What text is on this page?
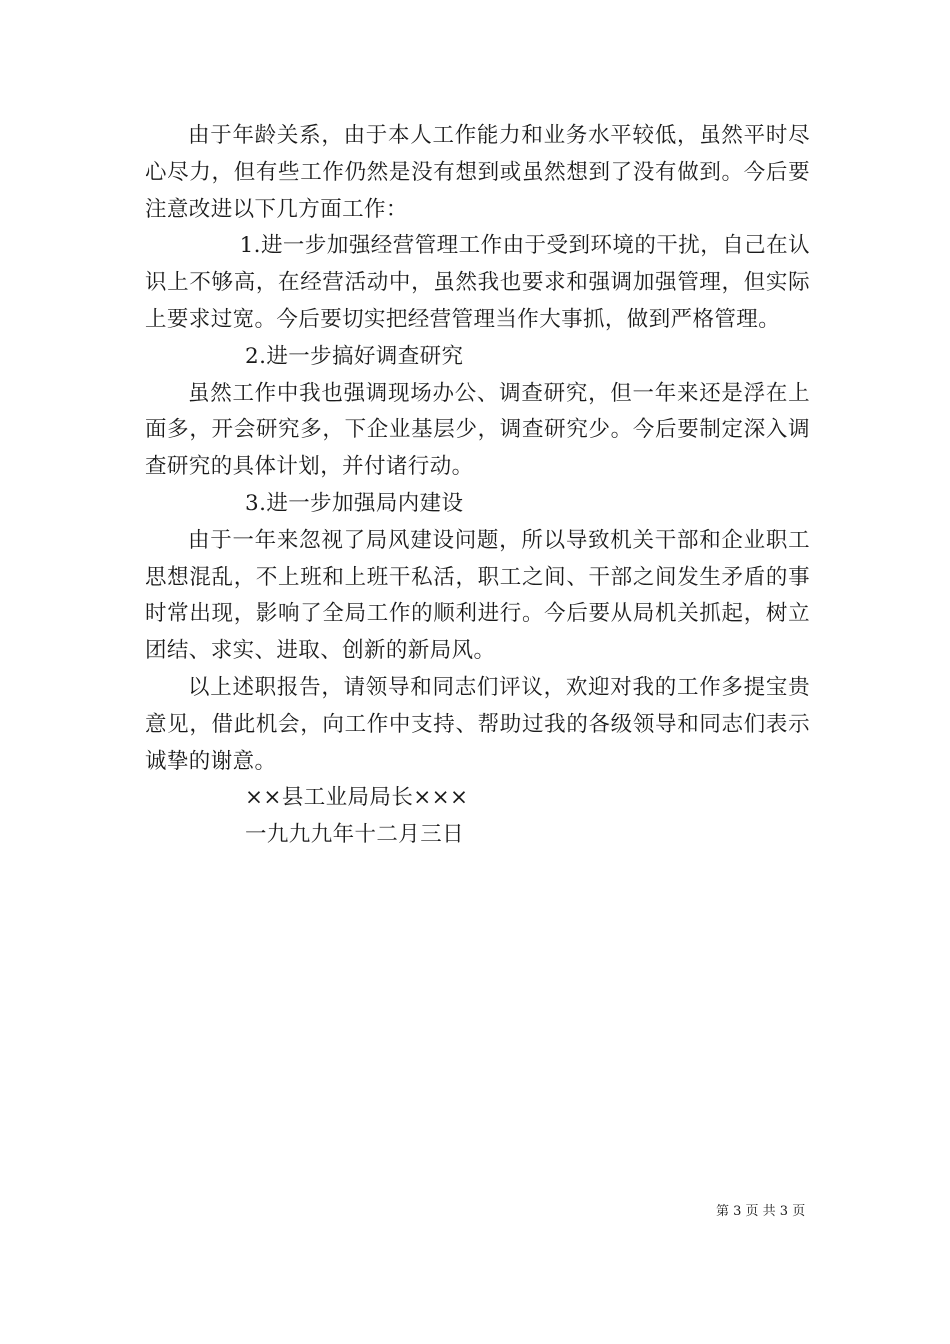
由于年龄关系，由于本人工作能力和业务水平较低，虽然平时尽心尽力，但有些工作仍然是没有想到或虽然想到了没有做到。今后要注意改进以下几方面工作：

1.进一步加强经营管理工作由于受到环境的干扰，自己在认识上不够高，在经营活动中，虽然我也要求和强调加强管理，但实际上要求过宽。今后要切实把经营管理当作大事抓，做到严格管理。

2.进一步搞好调查研究

虽然工作中我也强调现场办公、调查研究，但一年来还是浮在上面多，开会研究多，下企业基层少，调查研究少。今后要制定深入调查研究的具体计划，并付诸行动。

3.进一步加强局内建设

由于一年来忽视了局风建设问题，所以导致机关干部和企业职工思想混乱，不上班和上班干私活，职工之间、干部之间发生矛盾的事时常出现，影响了全局工作的顺利进行。今后要从局机关抓起，树立团结、求实、进取、创新的新局风。

以上述职报告，请领导和同志们评议，欢迎对我的工作多提宝贵意见，借此机会，向工作中支持、帮助过我的各级领导和同志们表示诚挚的谢意。

××县工业局局长×××

一九九九年十二月三日

第 3 页 共 3 页
